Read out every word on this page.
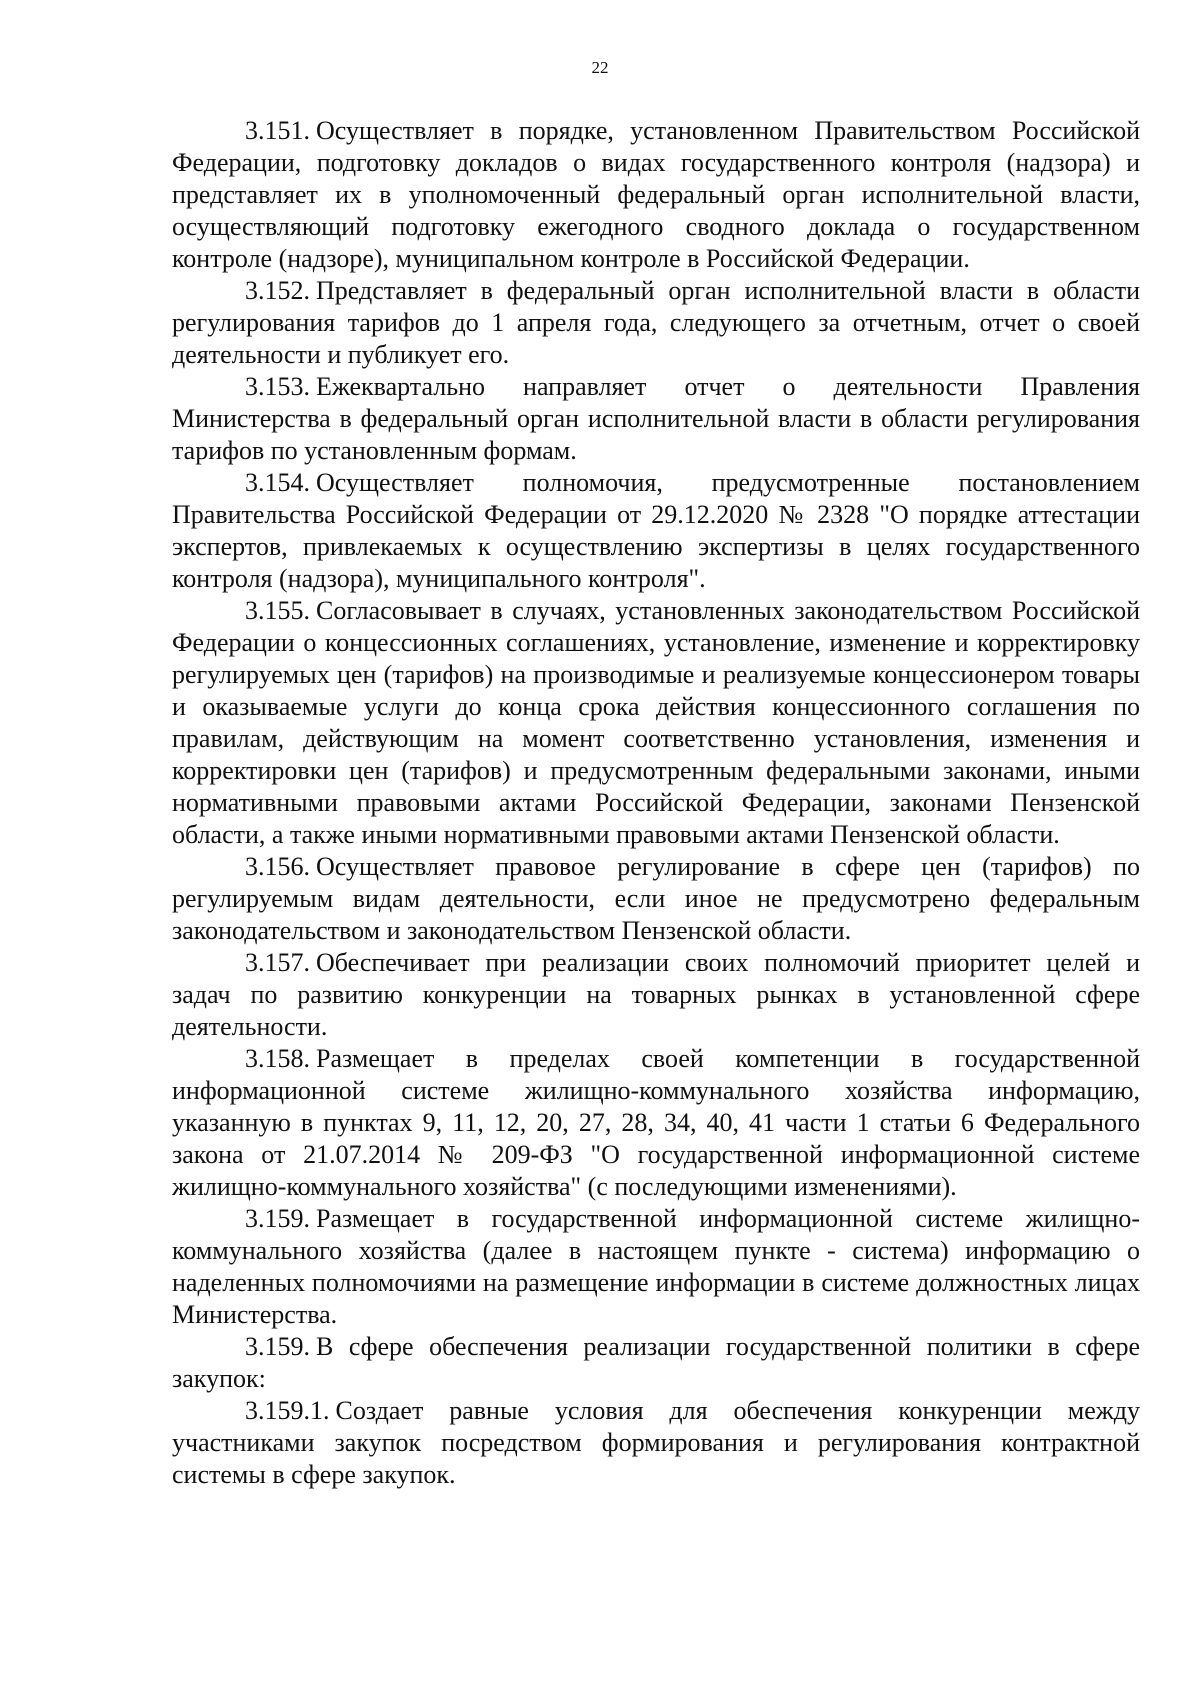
22

3.151. Осуществляет в порядке, установленном Правительством Российской Федерации, подготовку докладов о видах государственного контроля (надзора) и представляет их в уполномоченный федеральный орган исполнительной власти, осуществляющий подготовку ежегодного сводного доклада о государственном контроле (надзоре), муниципальном контроле в Российской Федерации.

3.152. Представляет в федеральный орган исполнительной власти в области регулирования тарифов до 1 апреля года, следующего за отчетным, отчет о своей деятельности и публикует его.

3.153. Ежеквартально направляет отчет о деятельности Правления Министерства в федеральный орган исполнительной власти в области регулирования тарифов по установленным формам.

3.154. Осуществляет полномочия, предусмотренные постановлением Правительства Российской Федерации от 29.12.2020 № 2328 "О порядке аттестации экспертов, привлекаемых к осуществлению экспертизы в целях государственного контроля (надзора), муниципального контроля".

3.155. Согласовывает в случаях, установленных законодательством Российской Федерации о концессионных соглашениях, установление, изменение и корректировку регулируемых цен (тарифов) на производимые и реализуемые концессионером товары и оказываемые услуги до конца срока действия концессионного соглашения по правилам, действующим на момент соответственно установления, изменения и корректировки цен (тарифов) и предусмотренным федеральными законами, иными нормативными правовыми актами Российской Федерации, законами Пензенской области, а также иными нормативными правовыми актами Пензенской области.

3.156. Осуществляет правовое регулирование в сфере цен (тарифов) по регулируемым видам деятельности, если иное не предусмотрено федеральным законодательством и законодательством Пензенской области.

3.157. Обеспечивает при реализации своих полномочий приоритет целей и задач по развитию конкуренции на товарных рынках в установленной сфере деятельности.

3.158. Размещает в пределах своей компетенции в государственной информационной системе жилищно-коммунального хозяйства информацию, указанную в пунктах 9, 11, 12, 20, 27, 28, 34, 40, 41 части 1 статьи 6 Федерального закона от 21.07.2014 № 209-ФЗ "О государственной информационной системе жилищно-коммунального хозяйства" (с последующими изменениями).

3.159. Размещает в государственной информационной системе жилищно-коммунального хозяйства (далее в настоящем пункте - система) информацию о наделенных полномочиями на размещение информации в системе должностных лицах Министерства.

3.159. В сфере обеспечения реализации государственной политики в сфере закупок:

3.159.1. Создает равные условия для обеспечения конкуренции между участниками закупок посредством формирования и регулирования контрактной системы в сфере закупок.
